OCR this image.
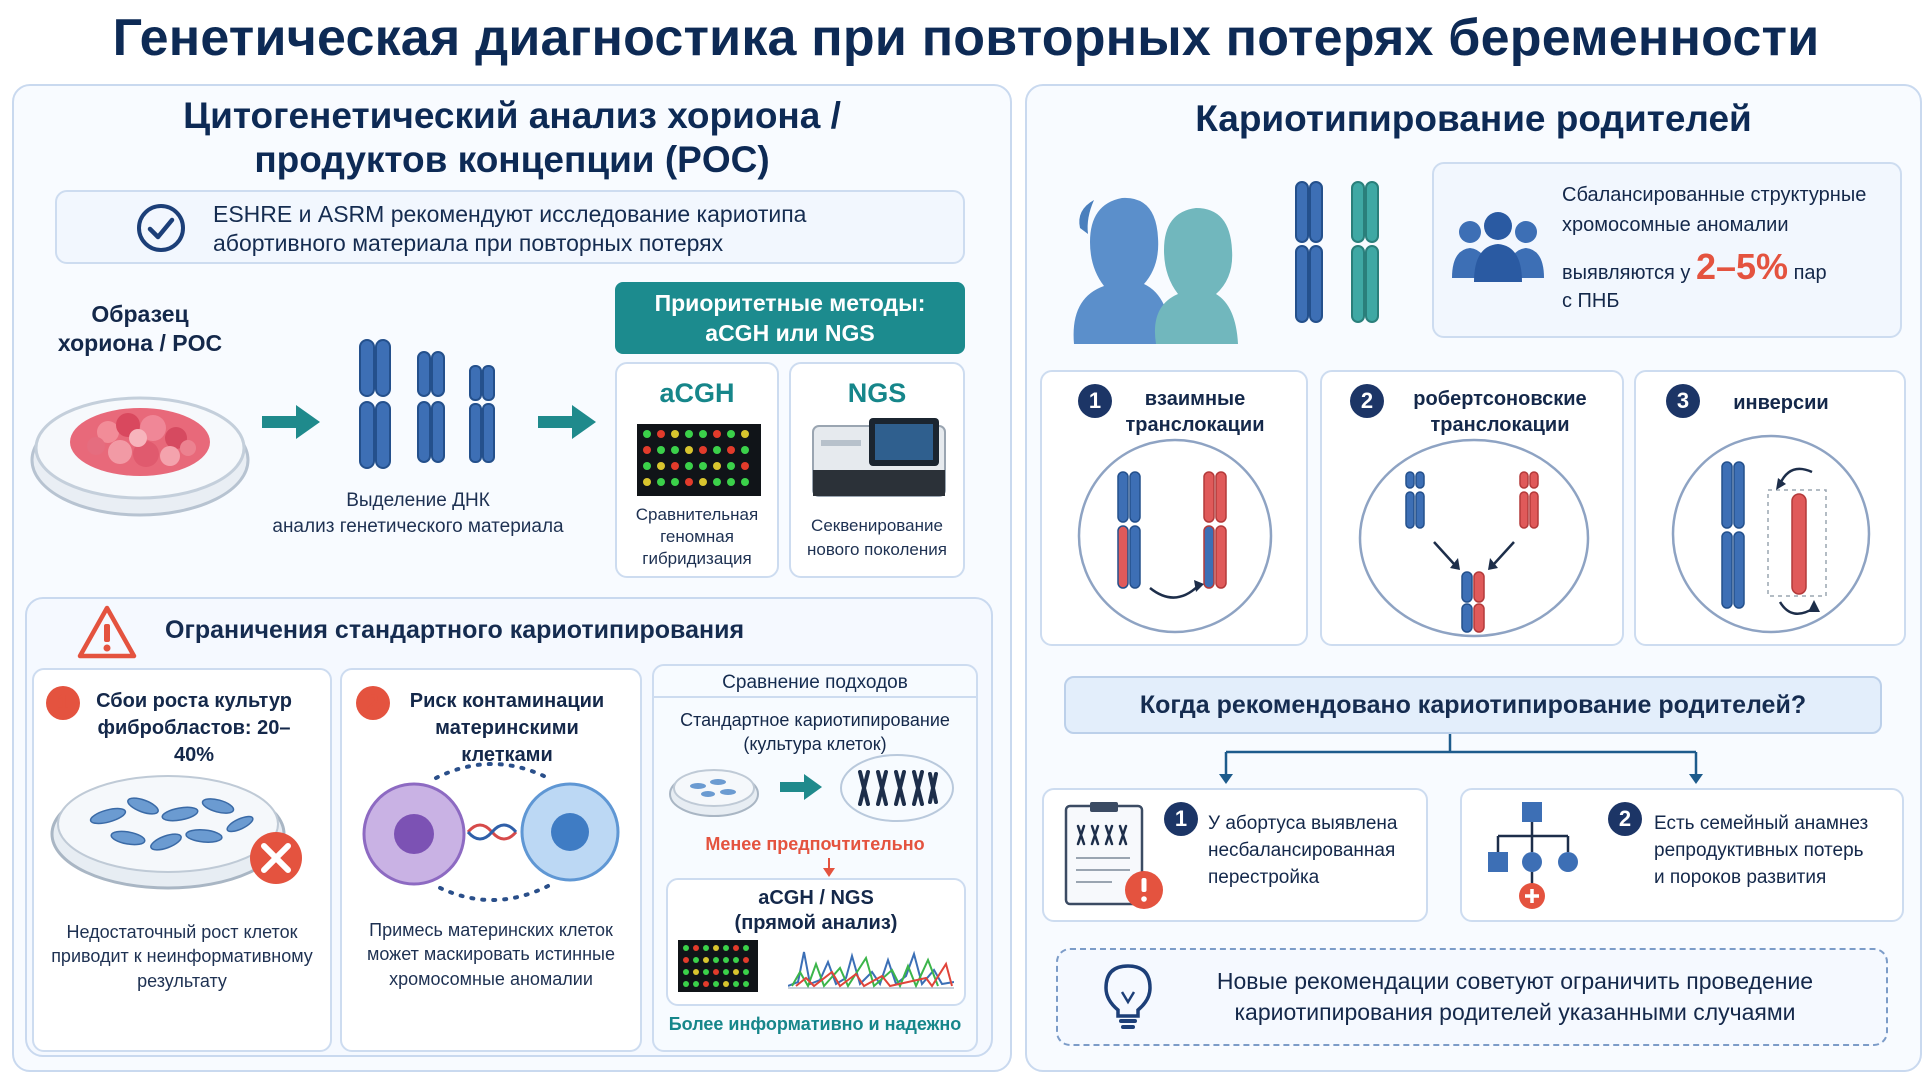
Генетическая диагностика при повторных потерях беременности
Цитогенетический анализ хориона /
продуктов концепции (POC)
ESHRE и ASRM рекомендуют исследование кариотипа
абортивного материала при повторных потерях
Образец
хориона / POC
Выделение ДНК
анализ генетического материала
Приоритетные методы:
aCGH или NGS
aCGH
Сравнительная
геномная
гибридизация
NGS
Секвенирование
нового поколения
Ограничения стандартного кариотипирования
1	Сбои роста культур
фибробластов: 20–40%
Недостаточный рост клеток
приводит к неинформативному
результату
2	Риск контаминации
материнскими клетками
Примесь материнских клеток
может маскировать истинные
хромосомные аномалии
Сравнение подходов
Стандартное кариотипирование
(культура клеток)
Менее предпочтительно
aCGH / NGS
(прямой анализ)
Более информативно и надежно
Кариотипирование родителей
Сбалансированные структурные
хромосомные аномалии
выявляются у 2–5% пар
с ПНБ
1	взаимные
транслокации
2	робертсоновские
транслокации
3	инверсии
Когда рекомендовано кариотипирование родителей?
1	У абортуса выявлена
несбалансированная
перестройка
2	Есть семейный анамнез
репродуктивных потерь
и пороков развития
Новые рекомендации советуют ограничить проведение
кариотипирования родителей указанными случаями
